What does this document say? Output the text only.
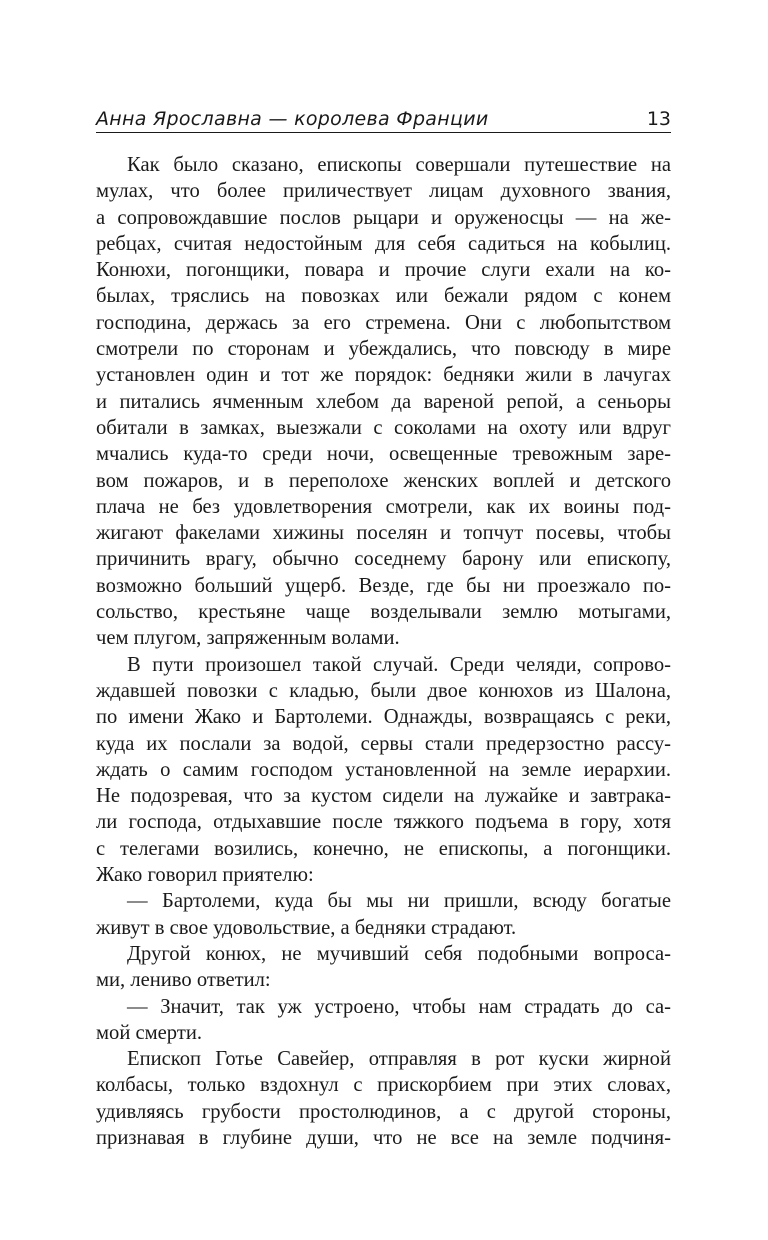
Анна Ярославна — королева Франции	13

Как было сказано, епископы совершали путешествие на
мулах, что более приличествует лицам духовного звания,
а сопровождавшие послов рыцари и оруженосцы — на же-
ребцах, считая недостойным для себя садиться на кобылиц.
Конюхи, погонщики, повара и прочие слуги ехали на ко-
былах, тряслись на повозках или бежали рядом с конем
господина, держась за его стремена. Они с любопытством
смотрели по сторонам и убеждались, что повсюду в мире
установлен один и тот же порядок: бедняки жили в лачугах
и питались ячменным хлебом да вареной репой, а сеньоры
обитали в замках, выезжали с соколами на охоту или вдруг
мчались куда-то среди ночи, освещенные тревожным заре-
вом пожаров, и в переполохе женских воплей и детского
плача не без удовлетворения смотрели, как их воины под-
жигают факелами хижины поселян и топчут посевы, чтобы
причинить врагу, обычно соседнему барону или епископу,
возможно больший ущерб. Везде, где бы ни проезжало по-
сольство, крестьяне чаще возделывали землю мотыгами,
чем плугом, запряженным волами.

В пути произошел такой случай. Среди челяди, сопрово-
ждавшей повозки с кладью, были двое конюхов из Шалона,
по имени Жако и Бартолеми. Однажды, возвращаясь с реки,
куда их послали за водой, сервы стали предерзостно рассу-
ждать о самим господом установленной на земле иерархии.
Не подозревая, что за кустом сидели на лужайке и завтрака-
ли господа, отдыхавшие после тяжкого подъема в гору, хотя
с телегами возились, конечно, не епископы, а погонщики.
Жако говорил приятелю:

— Бартолеми, куда бы мы ни пришли, всюду богатые
живут в свое удовольствие, а бедняки страдают.

Другой конюх, не мучивший себя подобными вопроса-
ми, лениво ответил:

— Значит, так уж устроено, чтобы нам страдать до са-
мой смерти.

Епископ Готье Савейер, отправляя в рот куски жирной
колбасы, только вздохнул с прискорбием при этих словах,
удивляясь грубости простолюдинов, а с другой стороны,
признавая в глубине души, что не все на земле подчиня-
